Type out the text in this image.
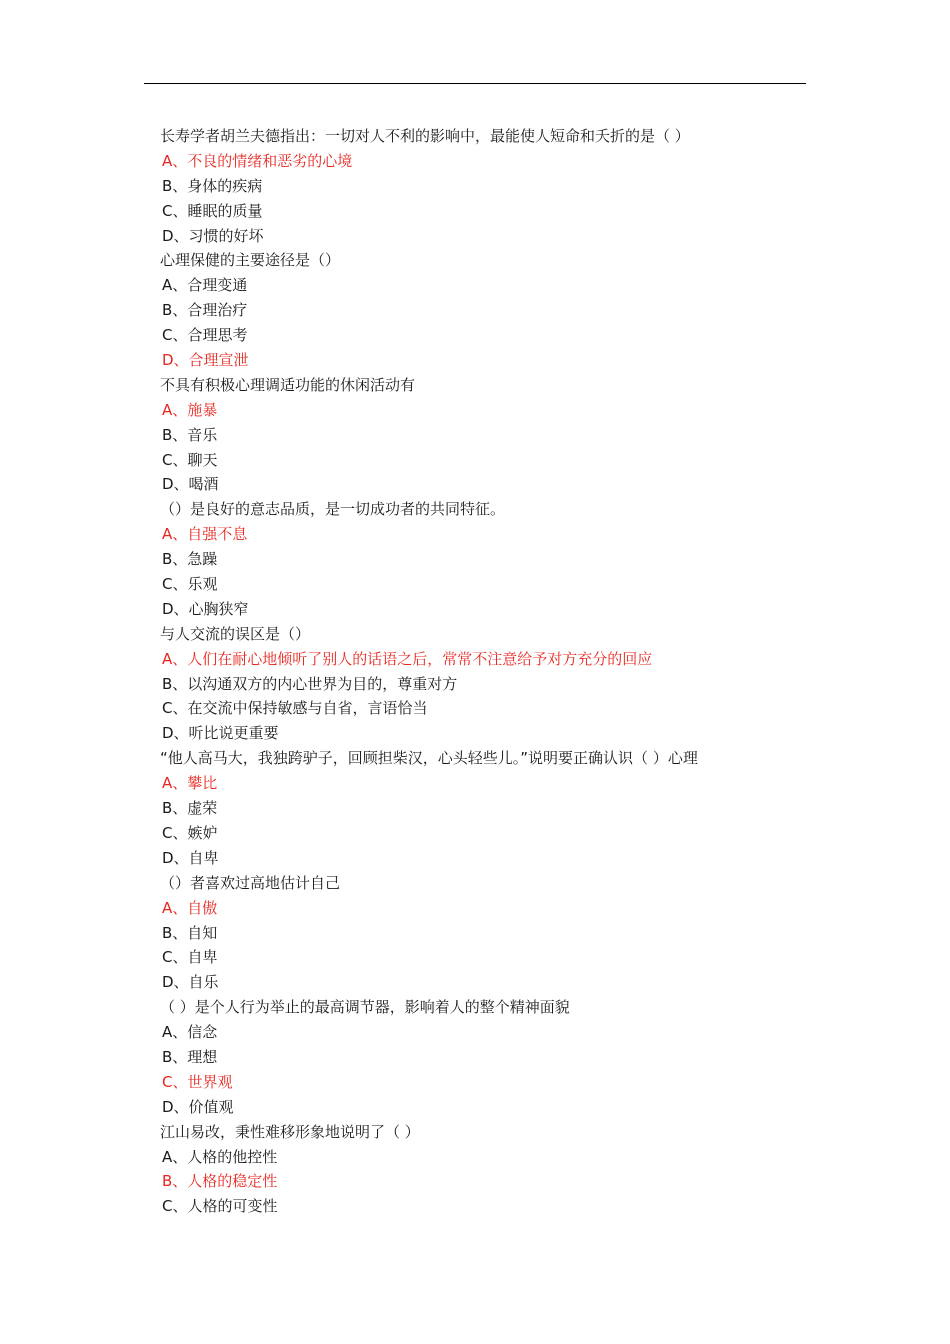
长寿学者胡兰夫德指出：一切对人不利的影响中，最能使人短命和夭折的是（ ）

A、不良的情绪和恶劣的心境

B、身体的疾病

C、睡眠的质量

D、习惯的好坏

心理保健的主要途径是（）

A、合理变通

B、合理治疗

C、合理思考

D、合理宣泄

不具有积极心理调适功能的休闲活动有

A、施暴

B、音乐

C、聊天

D、喝酒

（）是良好的意志品质，是一切成功者的共同特征。

A、自强不息

B、急躁

C、乐观

D、心胸狭窄

与人交流的误区是（）

A、人们在耐心地倾听了别人的话语之后，常常不注意给予对方充分的回应

B、以沟通双方的内心世界为目的，尊重对方

C、在交流中保持敏感与自省，言语恰当

D、听比说更重要

“他人高马大，我独跨驴子，回顾担柴汉，心头轻些儿。”说明要正确认识（ ）心理

A、攀比

B、虚荣

C、嫉妒

D、自卑

（）者喜欢过高地估计自己

A、自傲

B、自知

C、自卑

D、自乐

（ ）是个人行为举止的最高调节器，影响着人的整个精神面貌

A、信念

B、理想

C、世界观

D、价值观

江山易改，秉性难移形象地说明了（ ）

A、人格的他控性

B、人格的稳定性

C、人格的可变性
